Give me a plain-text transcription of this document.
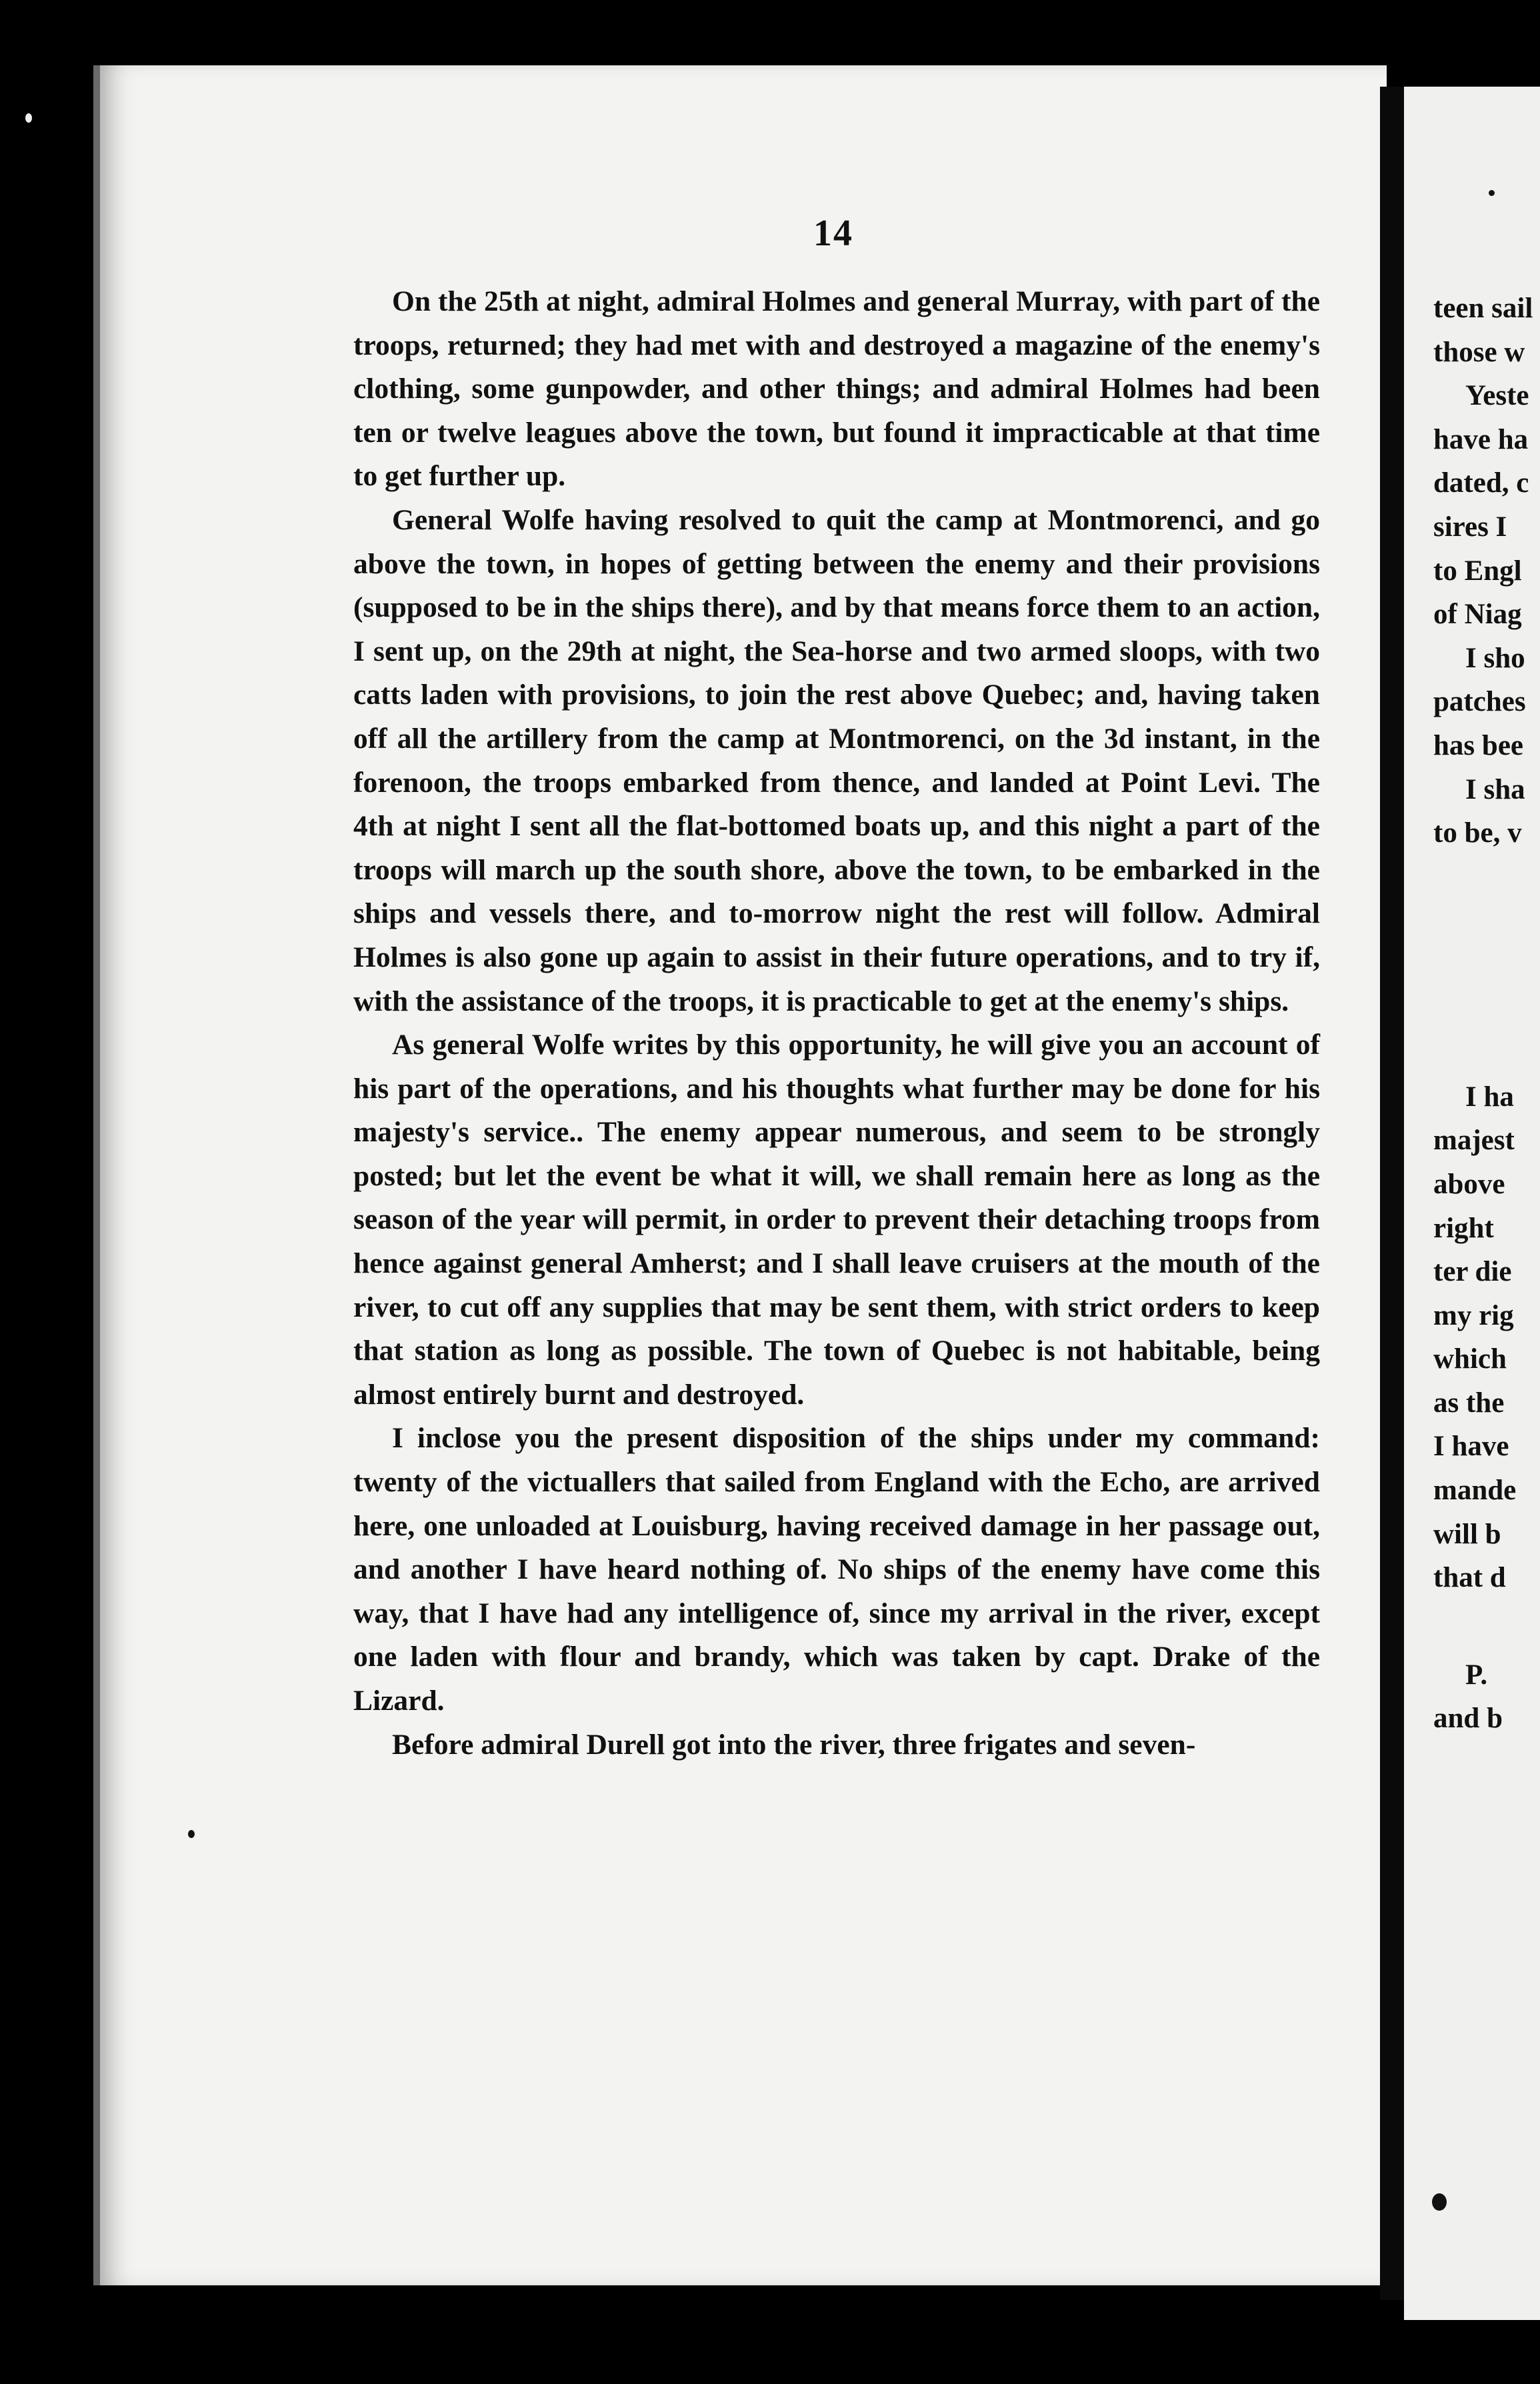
14

On the 25th at night, admiral Holmes and general Murray, with part of the troops, returned; they had met with and destroyed a magazine of the enemy's clothing, some gunpowder, and other things; and admiral Holmes had been ten or twelve leagues above the town, but found it impracticable at that time to get further up.

General Wolfe having resolved to quit the camp at Montmorenci, and go above the town, in hopes of getting between the enemy and their provisions (supposed to be in the ships there), and by that means force them to an action, I sent up, on the 29th at night, the Sea-horse and two armed sloops, with two catts laden with provisions, to join the rest above Quebec; and, having taken off all the artillery from the camp at Montmorenci, on the 3d instant, in the forenoon, the troops embarked from thence, and landed at Point Levi. The 4th at night I sent all the flat-bottomed boats up, and this night a part of the troops will march up the south shore, above the town, to be embarked in the ships and vessels there, and to-morrow night the rest will follow. Admiral Holmes is also gone up again to assist in their future operations, and to try if, with the assistance of the troops, it is practicable to get at the enemy's ships.

As general Wolfe writes by this opportunity, he will give you an account of his part of the operations, and his thoughts what further may be done for his majesty's service.. The enemy appear numerous, and seem to be strongly posted; but let the event be what it will, we shall remain here as long as the season of the year will permit, in order to prevent their detaching troops from hence against general Amherst; and I shall leave cruisers at the mouth of the river, to cut off any supplies that may be sent them, with strict orders to keep that station as long as possible. The town of Quebec is not habitable, being almost entirely burnt and destroyed.

I inclose you the present disposition of the ships under my command: twenty of the victuallers that sailed from England with the Echo, are arrived here, one unloaded at Louisburg, having received damage in her passage out, and another I have heard nothing of. No ships of the enemy have come this way, that I have had any intelligence of, since my arrival in the river, except one laden with flour and brandy, which was taken by capt. Drake of the Lizard.

Before admiral Durell got into the river, three frigates and seven-

teen sail
those w
Yeste
have ha
dated, c
sires I
to Engl
of Niag
I sho
patches
has bee
I sha
to be, v
I ha
majest
above
right
ter die
my rig
which
as the
I have
mande
will b
that d
P.
and b
